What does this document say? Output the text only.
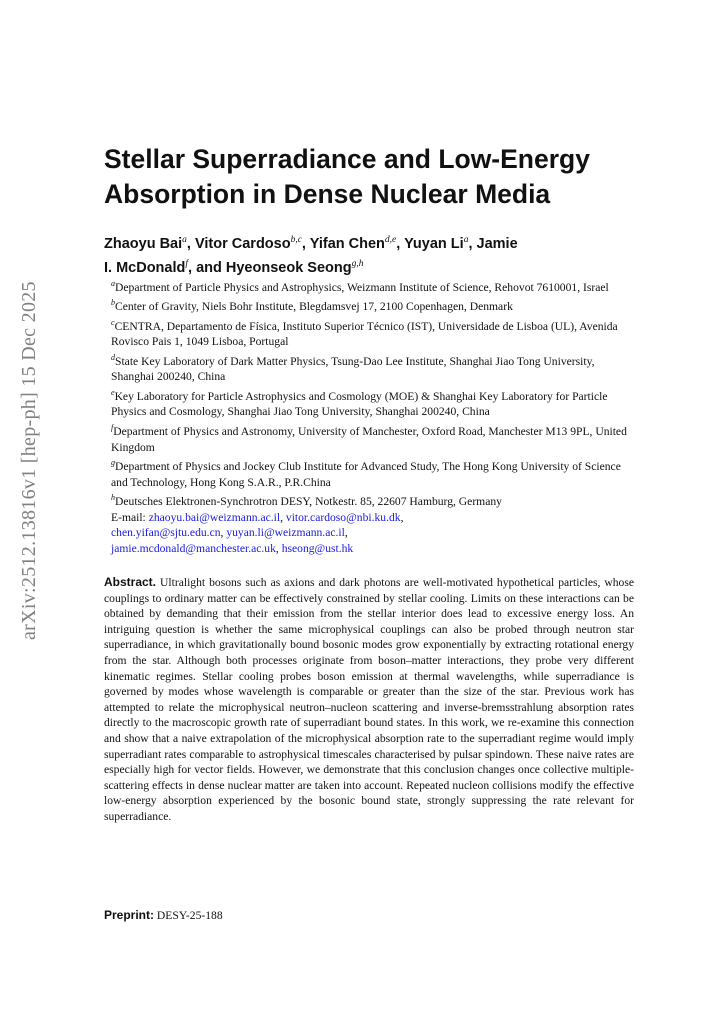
arXiv:2512.13816v1 [hep-ph] 15 Dec 2025
Stellar Superradiance and Low-Energy
Absorption in Dense Nuclear Media
Zhaoyu Bai$^a$, Vitor Cardoso$^{b,c}$, Yifan Chen$^{d,e}$, Yuyan Li$^a$, Jamie
I. McDonald$^f$, and Hyeonseok Seong$^{g,h}$
$^a$Department of Particle Physics and Astrophysics, Weizmann Institute of Science, Rehovot 7610001, Israel
$^b$Center of Gravity, Niels Bohr Institute, Blegdamsvej 17, 2100 Copenhagen, Denmark
$^c$CENTRA, Departamento de Física, Instituto Superior Técnico (IST), Universidade de Lisboa (UL), Avenida Rovisco Pais 1, 1049 Lisboa, Portugal
$^d$State Key Laboratory of Dark Matter Physics, Tsung-Dao Lee Institute, Shanghai Jiao Tong University, Shanghai 200240, China
$^e$Key Laboratory for Particle Astrophysics and Cosmology (MOE) & Shanghai Key Laboratory for Particle Physics and Cosmology, Shanghai Jiao Tong University, Shanghai 200240, China
$^f$Department of Physics and Astronomy, University of Manchester, Oxford Road, Manchester M13 9PL, United Kingdom
$^g$Department of Physics and Jockey Club Institute for Advanced Study, The Hong Kong University of Science and Technology, Hong Kong S.A.R., P.R.China
$^h$Deutsches Elektronen-Synchrotron DESY, Notkestr. 85, 22607 Hamburg, Germany
E-mail: zhaoyu.bai@weizmann.ac.il, vitor.cardoso@nbi.ku.dk,
chen.yifan@sjtu.edu.cn, yuyan.li@weizmann.ac.il,
jamie.mcdonald@manchester.ac.uk, hseong@ust.hk

Abstract. Ultralight bosons such as axions and dark photons are well-motivated hypothetical particles, whose couplings to ordinary matter can be effectively constrained by stellar cooling. Limits on these interactions can be obtained by demanding that their emission from the stellar interior does lead to excessive energy loss. An intriguing question is whether the same microphysical couplings can also be probed through neutron star superradiance, in which gravitationally bound bosonic modes grow exponentially by extracting rotational energy from the star. Although both processes originate from boson–matter interactions, they probe very different kinematic regimes. Stellar cooling probes boson emission at thermal wavelengths, while superradiance is governed by modes whose wavelength is comparable or greater than the size of the star. Previous work has attempted to relate the microphysical neutron–nucleon scattering and inverse-bremsstrahlung absorption rates directly to the macroscopic growth rate of superradiant bound states. In this work, we re-examine this connection and show that a naive extrapolation of the microphysical absorption rate to the superradiant regime would imply superradiant rates comparable to astrophysical timescales characterised by pulsar spindown. These naive rates are especially high for vector fields. However, we demonstrate that this conclusion changes once collective multiple-scattering effects in dense nuclear matter are taken into account. Repeated nucleon collisions modify the effective low-energy absorption experienced by the bosonic bound state, strongly suppressing the rate relevant for superradiance.

Preprint: DESY-25-188
